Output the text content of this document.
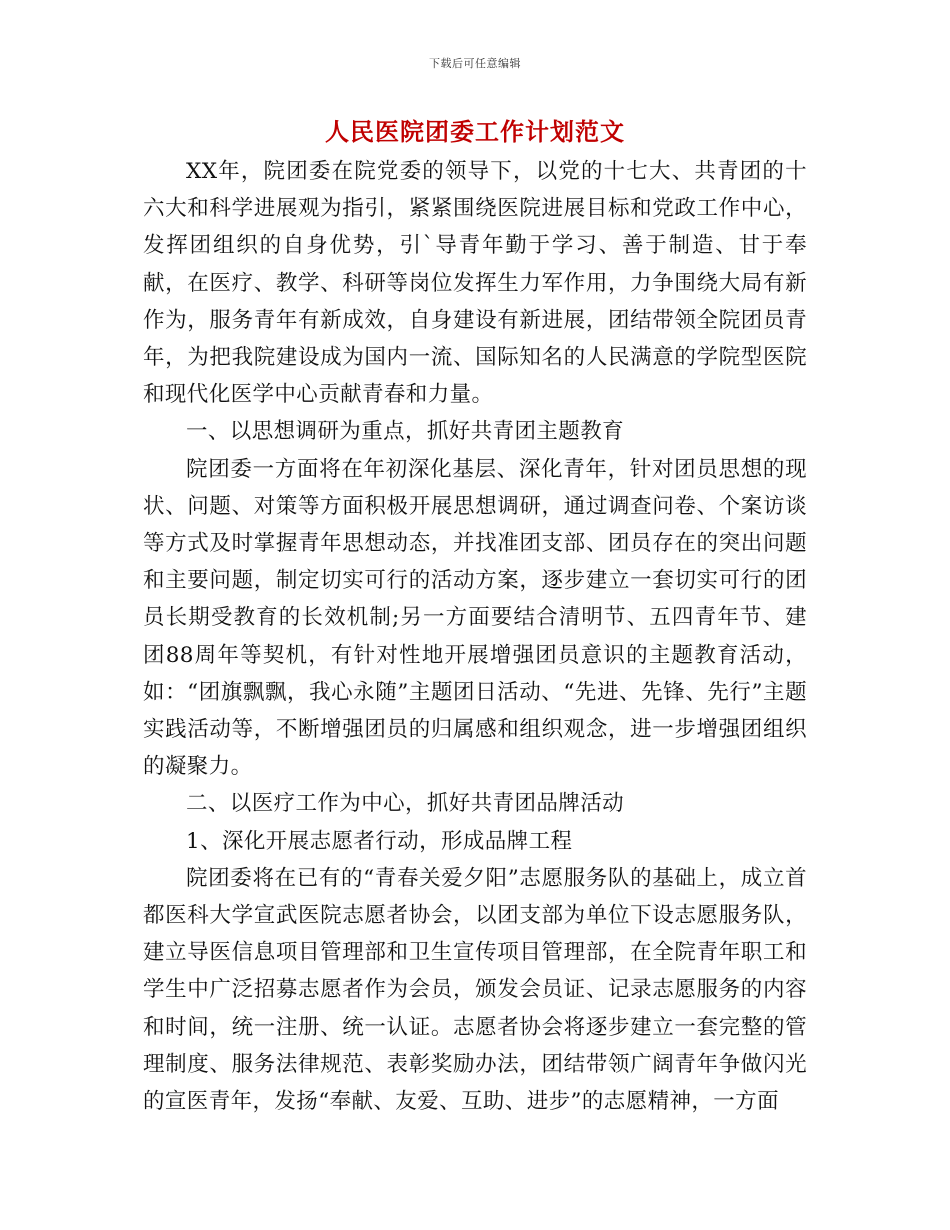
下载后可任意编辑
人民医院团委工作计划范文

XX年，院团委在院党委的领导下，以党的十七大、共青团的十六大和科学进展观为指引，紧紧围绕医院进展目标和党政工作中心，发挥团组织的自身优势，引`导青年勤于学习、善于制造、甘于奉献，在医疗、教学、科研等岗位发挥生力军作用，力争围绕大局有新作为，服务青年有新成效，自身建设有新进展，团结带领全院团员青年，为把我院建设成为国内一流、国际知名的人民满意的学院型医院和现代化医学中心贡献青春和力量。

一、以思想调研为重点，抓好共青团主题教育

院团委一方面将在年初深化基层、深化青年，针对团员思想的现状、问题、对策等方面积极开展思想调研，通过调查问卷、个案访谈等方式及时掌握青年思想动态，并找准团支部、团员存在的突出问题和主要问题，制定切实可行的活动方案，逐步建立一套切实可行的团员长期受教育的长效机制;另一方面要结合清明节、五四青年节、建团88周年等契机，有针对性地开展增强团员意识的主题教育活动，如：“团旗飘飘，我心永随”主题团日活动、“先进、先锋、先行”主题实践活动等，不断增强团员的归属感和组织观念，进一步增强团组织的凝聚力。

二、以医疗工作为中心，抓好共青团品牌活动

1、深化开展志愿者行动，形成品牌工程

院团委将在已有的“青春关爱夕阳”志愿服务队的基础上，成立首都医科大学宣武医院志愿者协会，以团支部为单位下设志愿服务队，建立导医信息项目管理部和卫生宣传项目管理部，在全院青年职工和学生中广泛招募志愿者作为会员，颁发会员证、记录志愿服务的内容和时间，统一注册、统一认证。志愿者协会将逐步建立一套完整的管理制度、服务法律规范、表彰奖励办法，团结带领广阔青年争做闪光的宣医青年，发扬“奉献、友爱、互助、进步”的志愿精神，一方面
